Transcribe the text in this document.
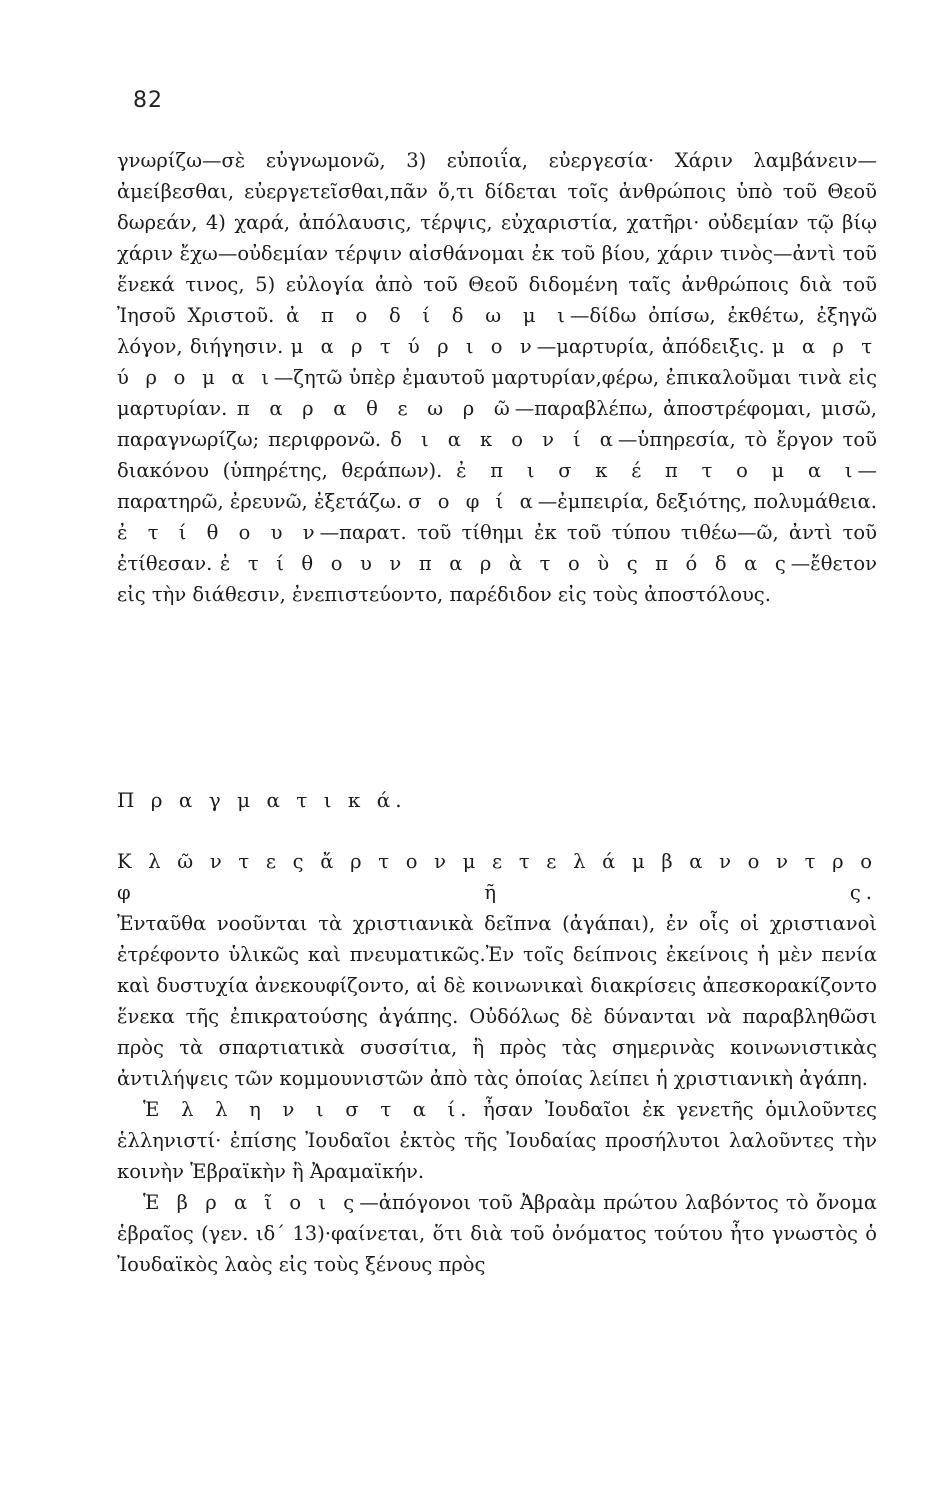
82
γνωρίζω—σὲ εὐγνωμονῶ, 3) εὐποιΐα, εὐεργεσία· Χάριν λαμβάνειν—ἀμείβεσθαι, εὐεργετεῖσθαι,πᾶν ὅ,τι δίδεται τοῖς ἀνθρώποις ὑπὸ τοῦ Θεοῦ δωρεάν, 4) χαρά, ἀπόλαυσις, τέρψις, εὐχαριστία, χατῆρι· οὐδεμίαν τῷ βίῳ χάριν ἔχω—οὐδεμίαν τέρψιν αἰσθάνομαι ἐκ τοῦ βίου, χάριν τινὸς—ἀντὶ τοῦ ἕνεκά τινος, 5) εὐλογία ἀπὸ τοῦ Θεοῦ διδομένη ταῖς ἀνθρώποις διὰ τοῦ Ἰησοῦ Χριστοῦ. ἀ π ο δ ί δ ω μ ι—δίδω ὀπίσω, ἐκθέτω, ἐξηγῶ λόγον, διήγησιν. μ α ρ τ ύ ρ ι ο ν—μαρτυρία, ἀπόδειξις. μ α ρ τ ύ ρ ο μ α ι—ζητῶ ὑπὲρ ἐμαυτοῦ μαρτυρίαν,φέρω, ἐπικαλοῦμαι τινὰ εἰς μαρτυρίαν. π α ρ α θ ε ω ρ ῶ—παραβλέπω, ἀποστρέφομαι, μισῶ, παραγνωρίζω; περιφρονῶ. δ ι α κ ο ν ί α—ὑπηρεσία, τὸ ἔργον τοῦ διακόνου (ὑπηρέτης, θεράπων). ἐ π ι σ κ έ π τ ο μ α ι—παρατηρῶ, ἐρευνῶ, ἐξετάζω. σ ο φ ί α—ἐμπειρία, δεξιότης, πολυμάθεια. ἐ τ ί θ ο υ ν—παρατ. τοῦ τίθημι ἐκ τοῦ τύπου τιθέω—ῶ, ἀντὶ τοῦ ἐτίθεσαν. ἐ τ ί θ ο υ ν π α ρ ὰ τ ο ὺ ς π ό δ α ς—ἔθετον εἰς τὴν διάθεσιν, ἐνεπιστεύοντο, παρέδιδον εἰς τοὺς ἀποστόλους.
Π ρ α γ μ α τ ι κ ά.

Κ λ ῶ ν τ ε ς ἄ ρ τ ο ν μ ε τ ε λ ά μ β α ν ο ν τ ρ ο φ ῆ ς.
Ἐνταῦθα νοοῦνται τὰ χριστιανικὰ δεῖπνα (ἀγάπαι), ἐν οἷς οἱ χριστιανοὶ ἐτρέφοντο ὑλικῶς καὶ πνευματικῶς.Ἐν τοῖς δείπνοις ἐκείνοις ἡ μὲν πενία καὶ δυστυχία ἀνεκουφίζοντο, αἱ δὲ κοινωνικαὶ διακρίσεις ἀπεσκορακίζοντο ἕνεκα τῆς ἐπικρατούσης ἀγάπης. Οὐδόλως δὲ δύνανται νὰ παραβληθῶσι πρὸς τὰ σπαρτιατικὰ συσσίτια, ἢ πρὸς τὰς σημερινὰς κοινωνιστικὰς ἀντιλήψεις τῶν κομμουνιστῶν ἀπὸ τὰς ὁποίας λείπει ἡ χριστιανικὴ ἀγάπη.

Ἑ λ λ η ν ι σ τ α ί. ἦσαν Ἰουδαῖοι ἐκ γενετῆς ὁμιλοῦντες ἑλληνιστί· ἐπίσης Ἰουδαῖοι ἐκτὸς τῆς Ἰουδαίας προσήλυτοι λαλοῦντες τὴν κοινὴν Ἑβραϊκὴν ἢ Ἀραμαϊκήν.

Ἑ β ρ α ῖ ο ι ς—ἀπόγονοι τοῦ Ἀβραὰμ πρώτου λαβόντος τὸ ὄνομα ἑβραῖος (γεν. ιδ΄ 13)·φαίνεται, ὅτι διὰ τοῦ ὀνόματος τούτου ἦτο γνωστὸς ὁ Ἰουδαϊκὸς λαὸς εἰς τοὺς ξένους πρὸς
